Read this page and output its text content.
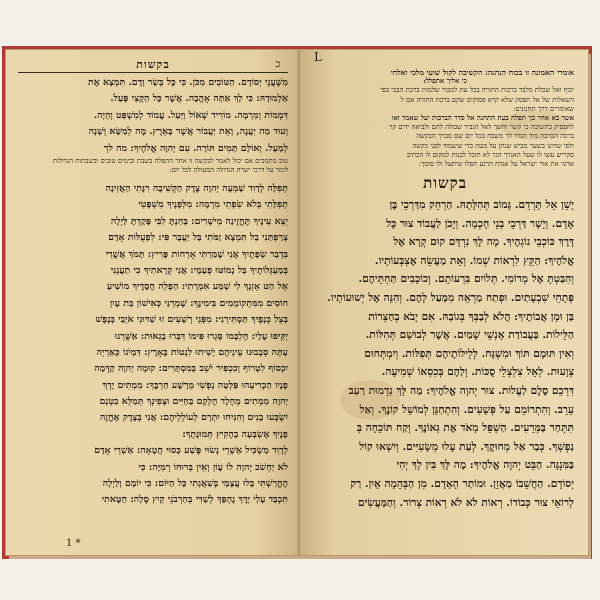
כ
בקשות
מִשֶּׁעֲנֵי יְסוֹדָם. הַטּוֹבִים מִכֹּן. כִּי כָּל בְּשַׂר וָדָם. תִּמְצָא אֶת
אַלְמוּדָהּ: כִּי לָךְ אַתָּה אָהֳבָה. אֲשֶׁר כָּל הַקְצִי פָּעַל.
דִּמְמוֹת וְמִרְמָה. מוֹרִיד שְׁאוֹל וַיַּעַל. עֲמוֹד לְמִשְׁפַּט וְהָיָה.
וְעוּד מַה יַעֲנֶה, וְאֵת יַעֲבוֹר אֲשֶׁר בָּאֵרֶץ. מֶה לְמַשָּׂא וְשָׁנָה
לְמַעַל. וְאוֹלָם תָּמִים תּוֹרָה. עִם יְהוָה אֱלֹהֶיךָ: מה לך
טוב מתמכים אם יכול לאמר לבקשה זו אחר התפלה בשבת ובימים טובים ובשבתות הגדולות
לומר על דרכי ישרה הגדולה המעולה לכל יום:
תְּפִלָּה לְדָוִד שָׁמְעָה יְהוָה צֶדֶק הַקְשִׁיבָה רִנָּתִי הַאֲזִינָה
תְּפִלָּתִי בְּלֹא שִׂפְתֵי מִרְמָה: מִלְּפָנֶיךָ מִשְׁפָּטִי
יֵצֵא עֵינֶיךָ תֶּחֱזֶינָה מֵישָׁרִים: בָּחַנְתָּ לִבִּי פָּקַדְתָּ לַּיְלָה
צְרַפְתַּנִי בַל תִּמְצָא זַמֹּתִי בַּל יַעֲבָר פִּי: לִפְעֻלּוֹת אָדָם
בִּדְבַר שְׂפָתֶיךָ אֲנִי שָׁמַרְתִּי אָרְחוֹת פָּרִיץ: תָּמֹךְ אֲשֻׁרַי
בְּמַעְגְּלוֹתֶיךָ בַּל נָמוֹטּוּ פְעָמָי: אֲנִי קְרָאתִיךָ כִי תַעֲנֵנִי
אֵל הַט אָזְנְךָ לִי שְׁמַע אִמְרָתִי: הַפְלֵה חֲסָדֶיךָ מוֹשִׁיעַ
חוֹסִים מִמִּתְקוֹמְמִים בִּימִינֶךָ: שָׁמְרֵנִי כְּאִישׁוֹן בַּת עָיִן
בְּצֵל כְּנָפֶיךָ תַּסְתִּירֵנִי: מִפְּנֵי רְשָׁעִים זוּ שַׁדּוּנִי אֹיְבַי בְּנֶפֶשׁ
יַקִּיפוּ עָלָי: חֶלְבָּמוֹ סָּגְרוּ פִּימוֹ דִּבְּרוּ בְגֵאוּת: אַשֻּׁרֵנוּ
עַתָּה סְבָבוּנוּ עֵינֵיהֶם יָשִׁיתוּ לִנְטוֹת בָּאָרֶץ: דִּמְיֹנוֹ כְּאַרְיֵה
יִכְסוֹף לִטְרוֹף וְכִכְפִיר יֹשֵׁב בְּמִסְתָּרִים: קוּמָה יְהוָה קַדְּמָה
פָנָיו הַכְרִיעֵהוּ פַּלְּטָה נַפְשִׁי מֵרָשָׁע חַרְבֶּךָ: מִמְתִים יָדְךָ
יְהוָה מִמְתִים מֵחֶלֶד חֶלְקָם בַּחַיִּים וּצְפִינְךָ תְּמַלֵּא בִטְנָם
יִשְׂבְּעוּ בָנִים וְהִנִּיחוּ יִתְרָם לְעוֹלְלֵיהֶם: אֲנִי בְּצֶדֶק אֶחֱזֶה
פָנֶיךָ אֶשְׂבְּעָה בְהָקִיץ תְּמוּנָתֶךָ:
לְדָוִד מַשְׂכִּיל אַשְׁרֵי נְשׂוּי פֶּשַׁע כְּסוּי חֲטָאָה: אַשְׁרֵי אָדָם
לֹא יַחְשֹׁב יְהוָה לוֹ עָוֹן וְאֵין בְּרוּחוֹ רְמִיָּה: כִּי
הֶחֱרַשְׁתִּי בָּלוּ עֲצָמָי בְּשַׁאֲגָתִי כָּל הַיּוֹם: כִּי יוֹמָם וָלַיְלָה
תִּכְבַּד עָלַי יָדֶךָ נֶהְפַּךְ לְשַׁדִּי בְּחַרְבֹנֵי קַיִץ סֶלָה: חַטָּאתִי
1 *
L
אומרי האמונה זו בכוח הנהגה: הקשיבה לקול שועי מלכי ואלהי
כי אליך אתפלל:
יכוף ואל שכלת מלבד ברכות התורה בכל עת למכור שלמות ברכת הבכי בפי
השאלות של אל תפסק שלא קרא פסוקים שקם ברכת התורה אם ל
שאומרים דרך תחנונים:
אשר בא אחר כך תפלה בעת התחנה אל סדר הברכות יעל שאמר ואו
להפסיק בתשובה כי קשר וחשך לאל הגביר שבולה להם ולביאה ידים קר
ברכה הברכה מיד הנדר לך משבח בכל יום שם מברך הבקשה
ולפי שהינו בשער מביש שנתן על מטה כדי שיעמוד לפני בקשה
סקריש עשו לו שעל האגרך הגר לא תוכל לבנות למקום לו הכתיב
אדוני את אור ישראל על אגדה הרגע תפלו שיתעל ולו סומך:
בקשות
יָשֵׁן אֵל תָּרְדֵם. גָּמוֹב תְּהִלָּתָהּ. הַרְחֵק מִדַּרְכֵי בֶּן
אָדָם. וְיָשָׁר דַּרְכֵי בְנֵי חָכְמָה. וְיָכֹן לַעֲבוֹד צוּר כָּל
דָּרֶךְ כּוֹכְבֵי נוֹגְהֶיךָ. מָה לָךְ נִרְדָּם קוּם קְרָא אֶל
אֱלֹהֶיךָ: הַקֵּץ לִרְאוֹת שְׁמוֹ. וְאֵת מַעֲשֵׂה אֶצְבְּעוֹתָיו.
וְהִבַּטְתָּ אֶל מְרוֹמִי. תְּלוֹיִם בִּרְעוֹתָם. וְכוֹכָבִים תַּחְתֵּיהֶם.
פְּתָחֵי שִׁבְעָתַיִם. וּפְתַח מַרְאֵה מִמַּעַל לָהֶם. וְהִנֵּה אֶל יְשׁוּעוֹתָיו.
בַּן וּמָן אֲבוֹתֶיךָ: הֲלֹא לְבַבְּךָ בְּגוֹבַהּ. אִם יָבֹא בְחַצְרוֹת
הַלֵּילוֹת. בַּעֲבוֹדַת אָנְשֵׁי שָׁמַיִם. אֲשֶׁר לְבוּשָׁם תְּהִלּוֹת.
וְאִין תּוּמָם תּוֹךְ וּמִשְׁגָּח. לְלֵילוֹתֶיהֶם תְּפִלּוֹת. וְיִמְתְּחוּם
צְוָעוּת. לְאֵל צִלְצְלֵי סֻכּוֹת. וְלַהֶם בְּכִסְאוֹ שְׁמִיעָה.
דִּרְכֵם סֶלֶם לַעֲלוֹת. צוּר יְהוָה אֱלֹהֶיךָ: מַה לָּךְ נִדְמוּת רַעַב
עֵרֵב. וְהִתְרוֹמֵם עַל פְּשָׁעִים. וְהִתְחַנֵּן לְמוֹשֵׁל קוֹנֶךָ. וְאַל
תִּתְּחַר בַּמְּרֵעִים. הַשְׁפֵּל מְאֹד אֶת גְּאוֹנֶךָ. וְקַח תּוֹכֵחָה בְּ
נַפְשְׁךָ. כְּבַר אַל מְחוּקֶךָ. לְעַת עָלוּ מְשָׂעִיִּים. וְיִשְׁאוּ קוֹל
בַּמִּנְגָּה. הַבֵּט יְהוָה אֱלֹהֶיךָ: מֶה לָּךְ בִּין לְךָ יְהִי
יְסוֹדָם. הַחֲשֵׁבוֹ מַאֲזֵן. וּמוֹתַר הָאָדָם. מִן הַבְּהֵמָה אָיִן. רַק
לְרוֹאֵי צוּר כְּבוֹדוֹ. רְאוֹת לֹא לֹא רְאוֹת צְרוֹר. וְהַמַּעֲשִׂים
